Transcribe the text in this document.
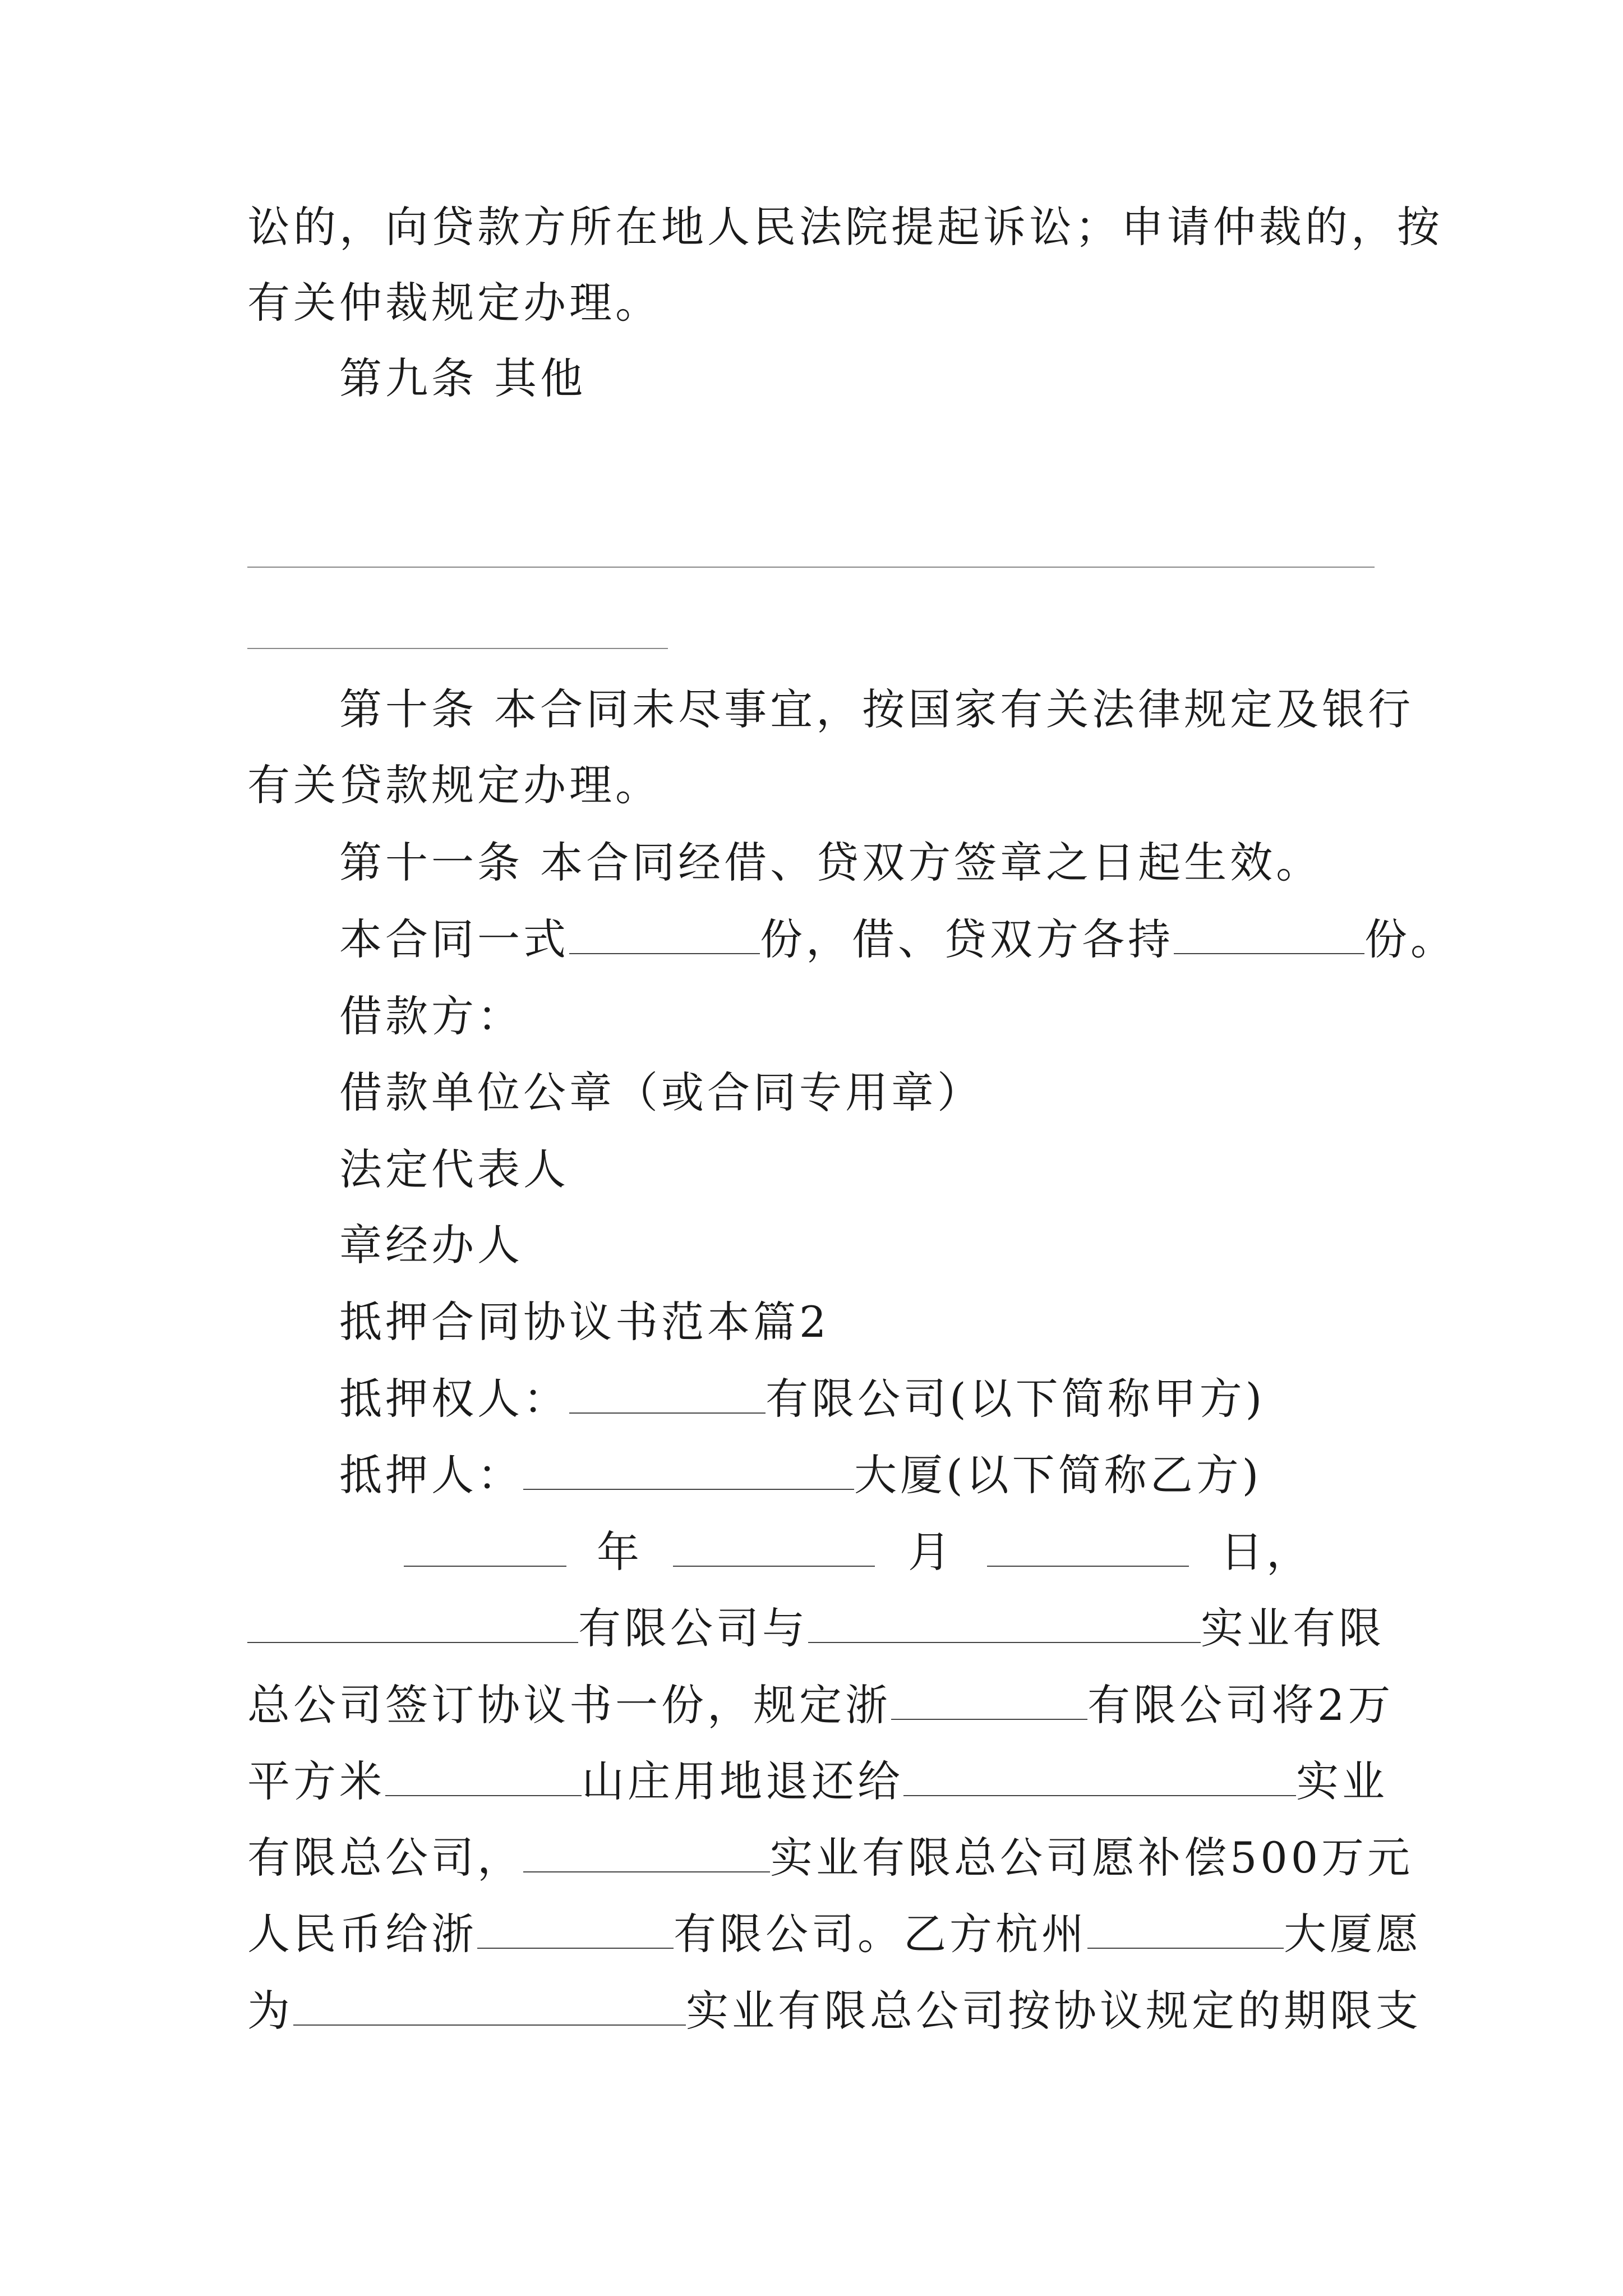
讼的，向贷款方所在地人民法院提起诉讼；申请仲裁的，按
有关仲裁规定办理。
第九条 其他
第十条 本合同未尽事宜，按国家有关法律规定及银行
有关贷款规定办理。
第十一条 本合同经借、贷双方签章之日起生效。
本合同一式	份，借、贷双方各持	份。
借款方：
借款单位公章（或合同专用章）
法定代表人
章经办人
抵押合同协议书范本篇2
抵押权人：	有限公司(以下简称甲方)
抵押人：	大厦(以下简称乙方)
年	月	日，
有限公司与	实业有限
总公司签订协议书一份，规定浙	有限公司将2万
平方米	山庄用地退还给	实业
有限总公司，	实业有限总公司愿补偿500万元
人民币给浙	有限公司。乙方杭州	大厦愿
为	实业有限总公司按协议规定的期限支
